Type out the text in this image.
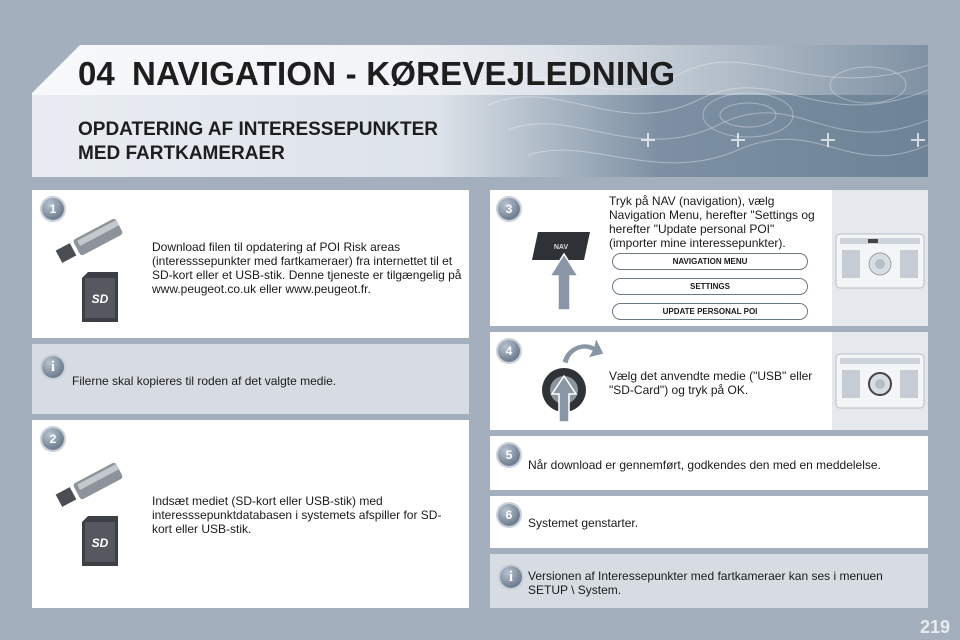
04 NAVIGATION - KØREVEJLEDNING
OPDATERING AF INTERESSEPUNKTER MED FARTKAMERAER
1
SD
Download filen til opdatering af POI Risk areas (interesssepunkter med fartkameraer) fra internettet til et SD-kort eller et USB-stik. Denne tjeneste er tilgængelig på www.peugeot.co.uk eller www.peugeot.fr.
i
Filerne skal kopieres til roden af det valgte medie.
2
SD
Indsæt mediet (SD-kort eller USB-stik) med interesssepunktdatabasen i systemets afspiller for SD-kort eller USB-stik.
3
NAV
Tryk på NAV (navigation), vælg Navigation Menu, herefter "Settings og herefter "Update personal POI" (importer mine interessepunkter).
NAVIGATION MENU
SETTINGS
UPDATE PERSONAL POI
4
Vælg det anvendte medie ("USB" eller "SD-Card") og tryk på OK.
5
Når download er gennemført, godkendes den med en meddelelse.
6
Systemet genstarter.
i	Versionen af Interessepunkter med fartkameraer kan ses i menuen SETUP \ System.
219
